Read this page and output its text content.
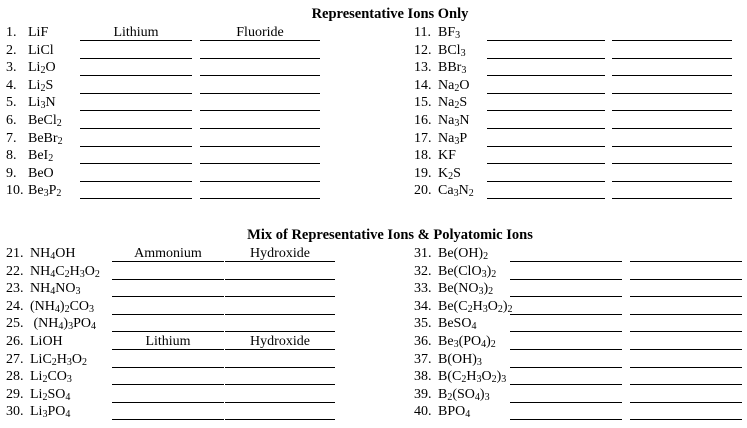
Representative Ions Only
Mix of Representative Ions & Polyatomic Ions
1. LiF	Lithium	Fluoride
2. LiCl
3. $Li_2O$
4. $Li_2S$
5. $Li_3N$
6. BeCl$_2$
7. BeBr$_2$
8. BeI$_2$
9. BeO
10. $Be_3P_2$
11. $BF_3$
12. BCl$_3$
13. BBr$_3$
14. $Na_2O$
15. $Na_2S$
16. $Na_3N$
17. $Na_3P$
18. KF
19. $K_2S$
20. $Ca_3N_2$
21. $NH_4OH$	Ammonium	Hydroxide
22. $NH_4C_2H_3O_2$
23. $NH_4NO_3$
24. $(NH_4)_2CO_3$
25. $(NH_4)_3PO_4$
26. LiOH	Lithium	Hydroxide
27. $LiC_2H_3O_2$
28. $Li_2CO_3$
29. $Li_2SO_4$
30. $Li_3PO_4$
31. $Be(OH)_2$
32. $Be(ClO_3)_2$
33. $Be(NO_3)_2$
34. $Be(C_2H_3O_2)_2$
35. BeSO$_4$
36. $Be_3(PO_4)_2$
37. $B(OH)_3$
38. $B(C_2H_3O_2)_3$
39. $B_2(SO_4)_3$
40. $BPO_4$
